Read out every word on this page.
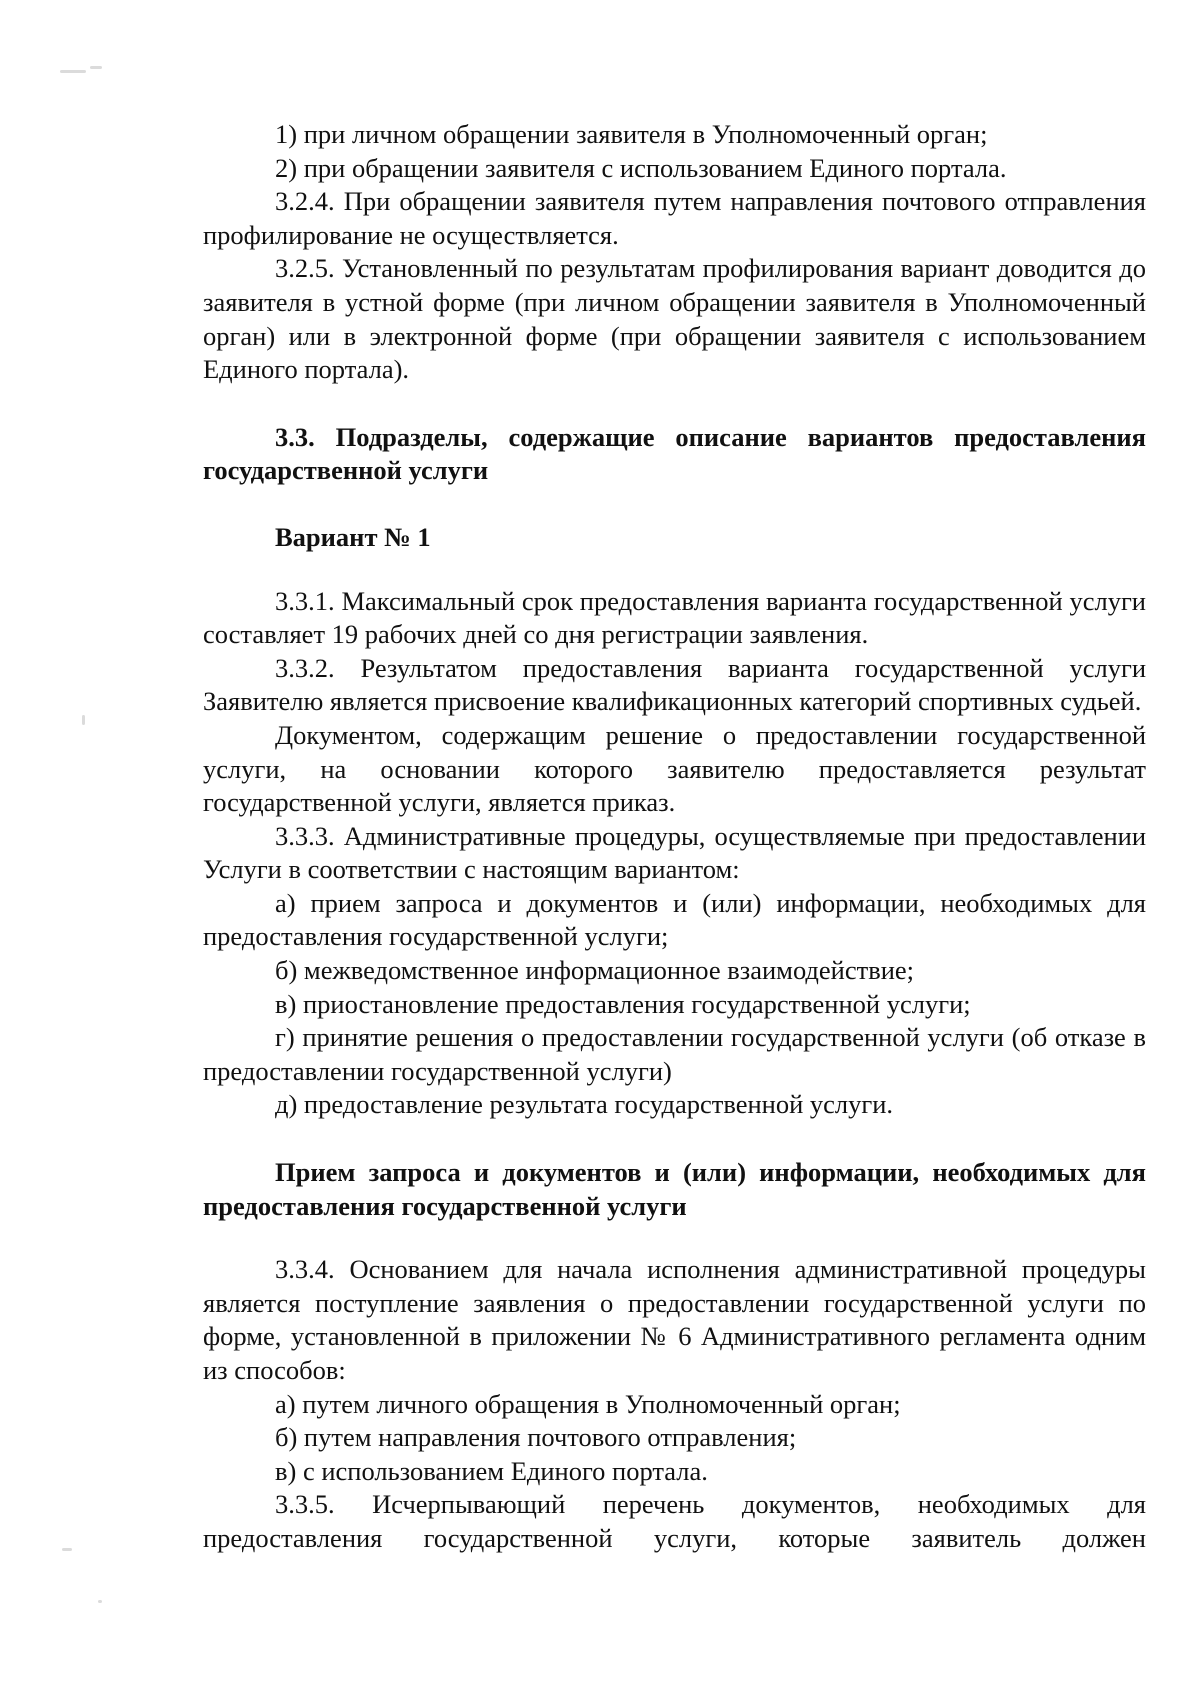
1) при личном обращении заявителя в Уполномоченный орган;

2) при обращении заявителя с использованием Единого портала.

3.2.4. При обращении заявителя путем направления почтового отправления профилирование не осуществляется.

3.2.5. Установленный по результатам профилирования вариант доводится до заявителя в устной форме (при личном обращении заявителя в Уполномоченный орган) или в электронной форме (при обращении заявителя с использованием Единого портала).

3.3. Подразделы, содержащие описание вариантов предоставления государственной услуги

Вариант № 1

3.3.1. Максимальный срок предоставления варианта государственной услуги составляет 19 рабочих дней со дня регистрации заявления.

3.3.2. Результатом предоставления варианта государственной услуги Заявителю является присвоение квалификационных категорий спортивных судьей.

Документом, содержащим решение о предоставлении государственной услуги, на основании которого заявителю предоставляется результат государственной услуги, является приказ.

3.3.3. Административные процедуры, осуществляемые при предоставлении Услуги в соответствии с настоящим вариантом:

а) прием запроса и документов и (или) информации, необходимых для предоставления государственной услуги;

б) межведомственное информационное взаимодействие;

в) приостановление предоставления государственной услуги;

г) принятие решения о предоставлении государственной услуги (об отказе в предоставлении государственной услуги)

д) предоставление результата государственной услуги.

Прием запроса и документов и (или) информации, необходимых для предоставления государственной услуги

3.3.4. Основанием для начала исполнения административной процедуры является поступление заявления о предоставлении государственной услуги по форме, установленной в приложении № 6 Административного регламента одним из способов:

а) путем личного обращения в Уполномоченный орган;

б) путем направления почтового отправления;

в) с использованием Единого портала.

3.3.5. Исчерпывающий перечень документов, необходимых для предоставления государственной услуги, которые заявитель должен
